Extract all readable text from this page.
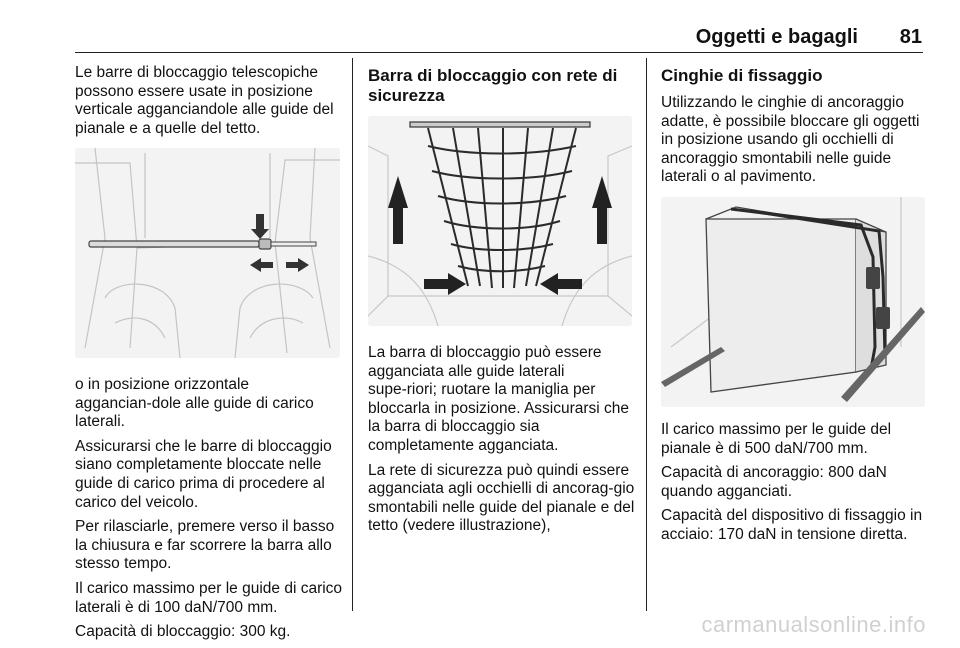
Oggetti e bagagli 81

Le barre di bloccaggio telescopiche possono essere usate in posizione verticale agganciandole alle guide del pianale e a quelle del tetto.

o in posizione orizzontale aggancian‑dole alle guide di carico laterali.

Assicurarsi che le barre di bloccaggio siano completamente bloccate nelle guide di carico prima di procedere al carico del veicolo.

Per rilasciarle, premere verso il basso la chiusura e far scorrere la barra allo stesso tempo.

Il carico massimo per le guide di carico laterali è di 100 daN/700 mm.

Capacità di bloccaggio: 300 kg.

Barra di bloccaggio con rete di sicurezza

La barra di bloccaggio può essere agganciata alle guide laterali supe‑riori; ruotare la maniglia per bloccarla in posizione. Assicurarsi che la barra di bloccaggio sia completamente agganciata.

La rete di sicurezza può quindi essere agganciata agli occhielli di ancorag‑gio smontabili nelle guide del pianale e del tetto (vedere illustrazione),

Cinghie di fissaggio

Utilizzando le cinghie di ancoraggio adatte, è possibile bloccare gli oggetti in posizione usando gli occhielli di ancoraggio smontabili nelle guide laterali o al pavimento.

Il carico massimo per le guide del pianale è di 500 daN/700 mm.

Capacità di ancoraggio: 800 daN quando agganciati.

Capacità del dispositivo di fissaggio in acciaio: 170 daN in tensione diretta.

carmanualsonline.info
